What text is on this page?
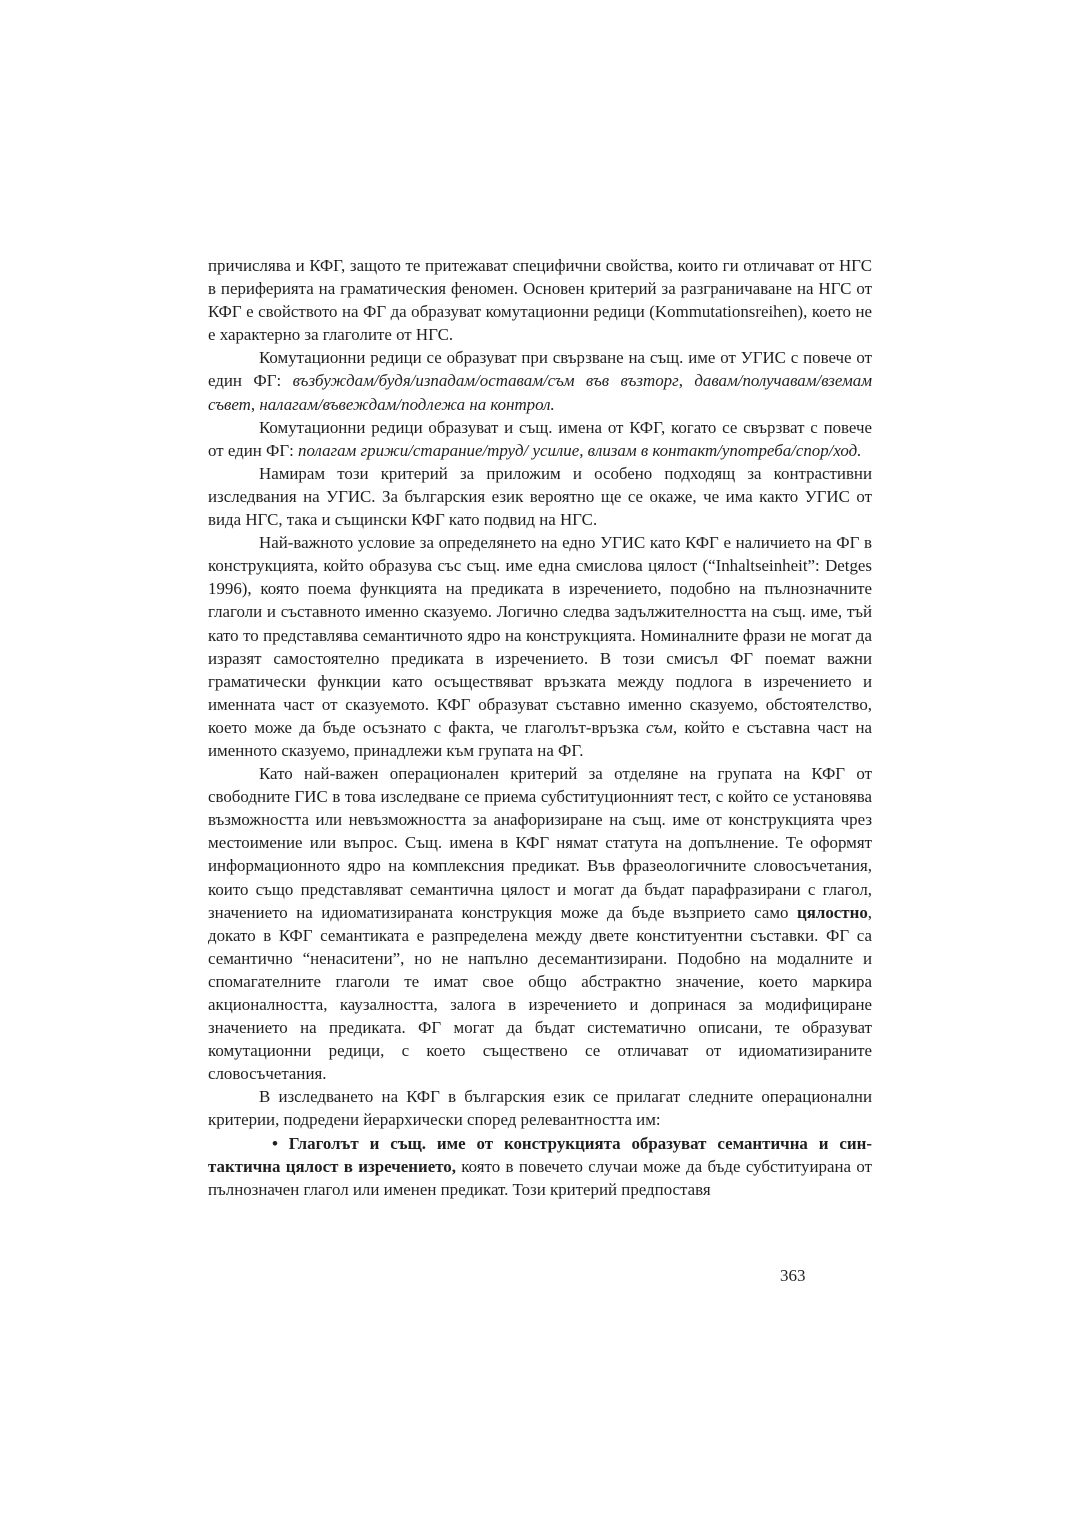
причислява и КФГ, защото те притежават специфични свойства, които ги отличават от НГС в периферията на граматическия феномен. Основен критерий за разграничаване на НГС от КФГ е свойството на ФГ да образуват комутационни редици (Kommutationsreihen), което не е характерно за глаголите от НГС.

Комутационни редици се образуват при свързване на същ. име от УГИС с повече от един ФГ: възбуждам/будя/изпадам/оставам/съм във възторг, давам/получавам/вземам съвет, налагам/въвеждам/подлежа на контрол.

Комутационни редици образуват и същ. имена от КФГ, когато се свързват с повече от един ФГ: полагам грижи/старание/труд/ усилие, влизам в контакт/употреба/спор/ход.

Намирам този критерий за приложим и особено подходящ за контрастивни изследвания на УГИС. За българския език вероятно ще се окаже, че има както УГИС от вида НГС, така и същински КФГ като подвид на НГС.

Най-важното условие за определянето на едно УГИС като КФГ е наличието на ФГ в конструкцията, който образува със същ. име една смислова цялост (“Inhaltseinheit”: Detges 1996), която поема функцията на предиката в изречението, подобно на пълнозначните глаголи и съставното именно сказуемо. Логично следва задължителността на същ. име, тъй като то представлява семантичното ядро на конструкцията. Номиналните фрази не могат да изразят самостоятелно предиката в изречението. В този смисъл ФГ поемат важни граматически функции като осъществяват връзката между подлога в изречението и именната част от сказуемото. КФГ образуват съставно именно сказуемо, обстоятелство, което може да бъде осъзнато с факта, че глаголът-връзка съм, който е съставна част на именното сказуемо, принадлежи към групата на ФГ.

Като най-важен операционален критерий за отделяне на групата на КФГ от свободните ГИС в това изследване се приема субституционният тест, с който се установява възможността или невъзможността за анафоризиране на същ. име от конструкцията чрез местоимение или въпрос. Същ. имена в КФГ нямат статута на допълнение. Те оформят информационното ядро на комплексния предикат. Във фразеологичните словосъчетания, които също представляват семантична цялост и могат да бъдат парафразирани с глагол, значението на идиоматизираната конструкция може да бъде възприето само цялостно, докато в КФГ семантиката е разпределена между двете конституентни съставки. ФГ са семантично “ненаситени”, но не напълно десемантизирани. Подобно на модалните и спомагателните глаголи те имат свое общо абстрактно значение, което маркира акционалността, каузалността, залога в изречението и допринася за модифициране значението на предиката. ФГ могат да бъдат систематично описани, те образуват комутационни редици, с което съществено се отличават от идиоматизираните словосъчетания.

В изследването на КФГ в българския език се прилагат следните операционални критерии, подредени йерархически според релевантността им:

• Глаголът и същ. име от конструкцията образуват семантична и синтактична цялост в изречението, която в повечето случаи може да бъде субституирана от пълнозначен глагол или именен предикат. Този критерий предпоставя

363
